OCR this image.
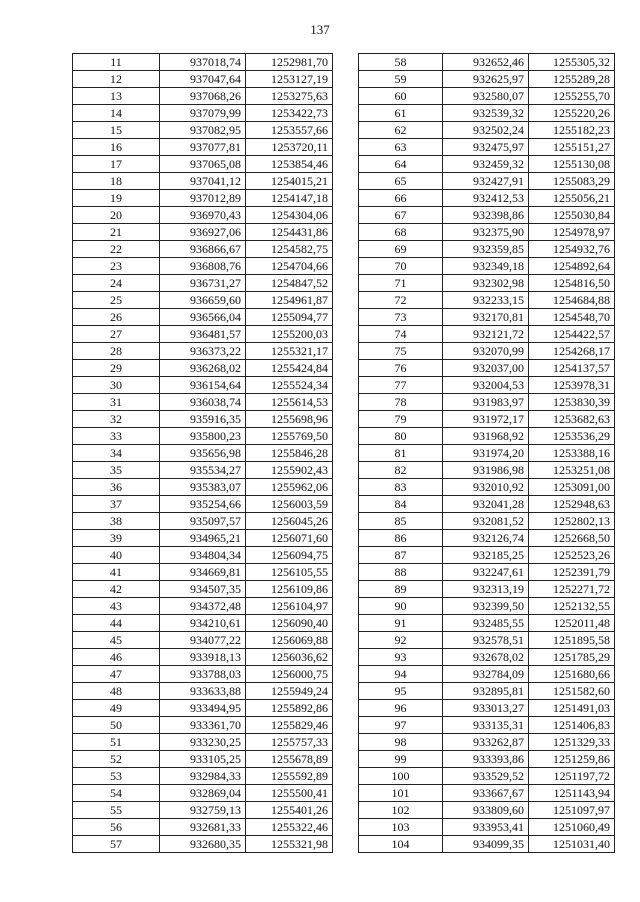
137
11	937018,74	1252981,70
12	937047,64	1253127,19
13	937068,26	1253275,63
14	937079,99	1253422,73
15	937082,95	1253557,66
16	937077,81	1253720,11
17	937065,08	1253854,46
18	937041,12	1254015,21
19	937012,89	1254147,18
20	936970,43	1254304,06
21	936927,06	1254431,86
22	936866,67	1254582,75
23	936808,76	1254704,66
24	936731,27	1254847,52
25	936659,60	1254961,87
26	936566,04	1255094,77
27	936481,57	1255200,03
28	936373,22	1255321,17
29	936268,02	1255424,84
30	936154,64	1255524,34
31	936038,74	1255614,53
32	935916,35	1255698,96
33	935800,23	1255769,50
34	935656,98	1255846,28
35	935534,27	1255902,43
36	935383,07	1255962,06
37	935254,66	1256003,59
38	935097,57	1256045,26
39	934965,21	1256071,60
40	934804,34	1256094,75
41	934669,81	1256105,55
42	934507,35	1256109,86
43	934372,48	1256104,97
44	934210,61	1256090,40
45	934077,22	1256069,88
46	933918,13	1256036,62
47	933788,03	1256000,75
48	933633,88	1255949,24
49	933494,95	1255892,86
50	933361,70	1255829,46
51	933230,25	1255757,33
52	933105,25	1255678,89
53	932984,33	1255592,89
54	932869,04	1255500,41
55	932759,13	1255401,26
56	932681,33	1255322,46
57	932680,35	1255321,98
58	932652,46	1255305,32
59	932625,97	1255289,28
60	932580,07	1255255,70
61	932539,32	1255220,26
62	932502,24	1255182,23
63	932475,97	1255151,27
64	932459,32	1255130,08
65	932427,91	1255083,29
66	932412,53	1255056,21
67	932398,86	1255030,84
68	932375,90	1254978,97
69	932359,85	1254932,76
70	932349,18	1254892,64
71	932302,98	1254816,50
72	932233,15	1254684,88
73	932170,81	1254548,70
74	932121,72	1254422,57
75	932070,99	1254268,17
76	932037,00	1254137,57
77	932004,53	1253978,31
78	931983,97	1253830,39
79	931972,17	1253682,63
80	931968,92	1253536,29
81	931974,20	1253388,16
82	931986,98	1253251,08
83	932010,92	1253091,00
84	932041,28	1252948,63
85	932081,52	1252802,13
86	932126,74	1252668,50
87	932185,25	1252523,26
88	932247,61	1252391,79
89	932313,19	1252271,72
90	932399,50	1252132,55
91	932485,55	1252011,48
92	932578,51	1251895,58
93	932678,02	1251785,29
94	932784,09	1251680,66
95	932895,81	1251582,60
96	933013,27	1251491,03
97	933135,31	1251406,83
98	933262,87	1251329,33
99	933393,86	1251259,86
100	933529,52	1251197,72
101	933667,67	1251143,94
102	933809,60	1251097,97
103	933953,41	1251060,49
104	934099,35	1251031,40
